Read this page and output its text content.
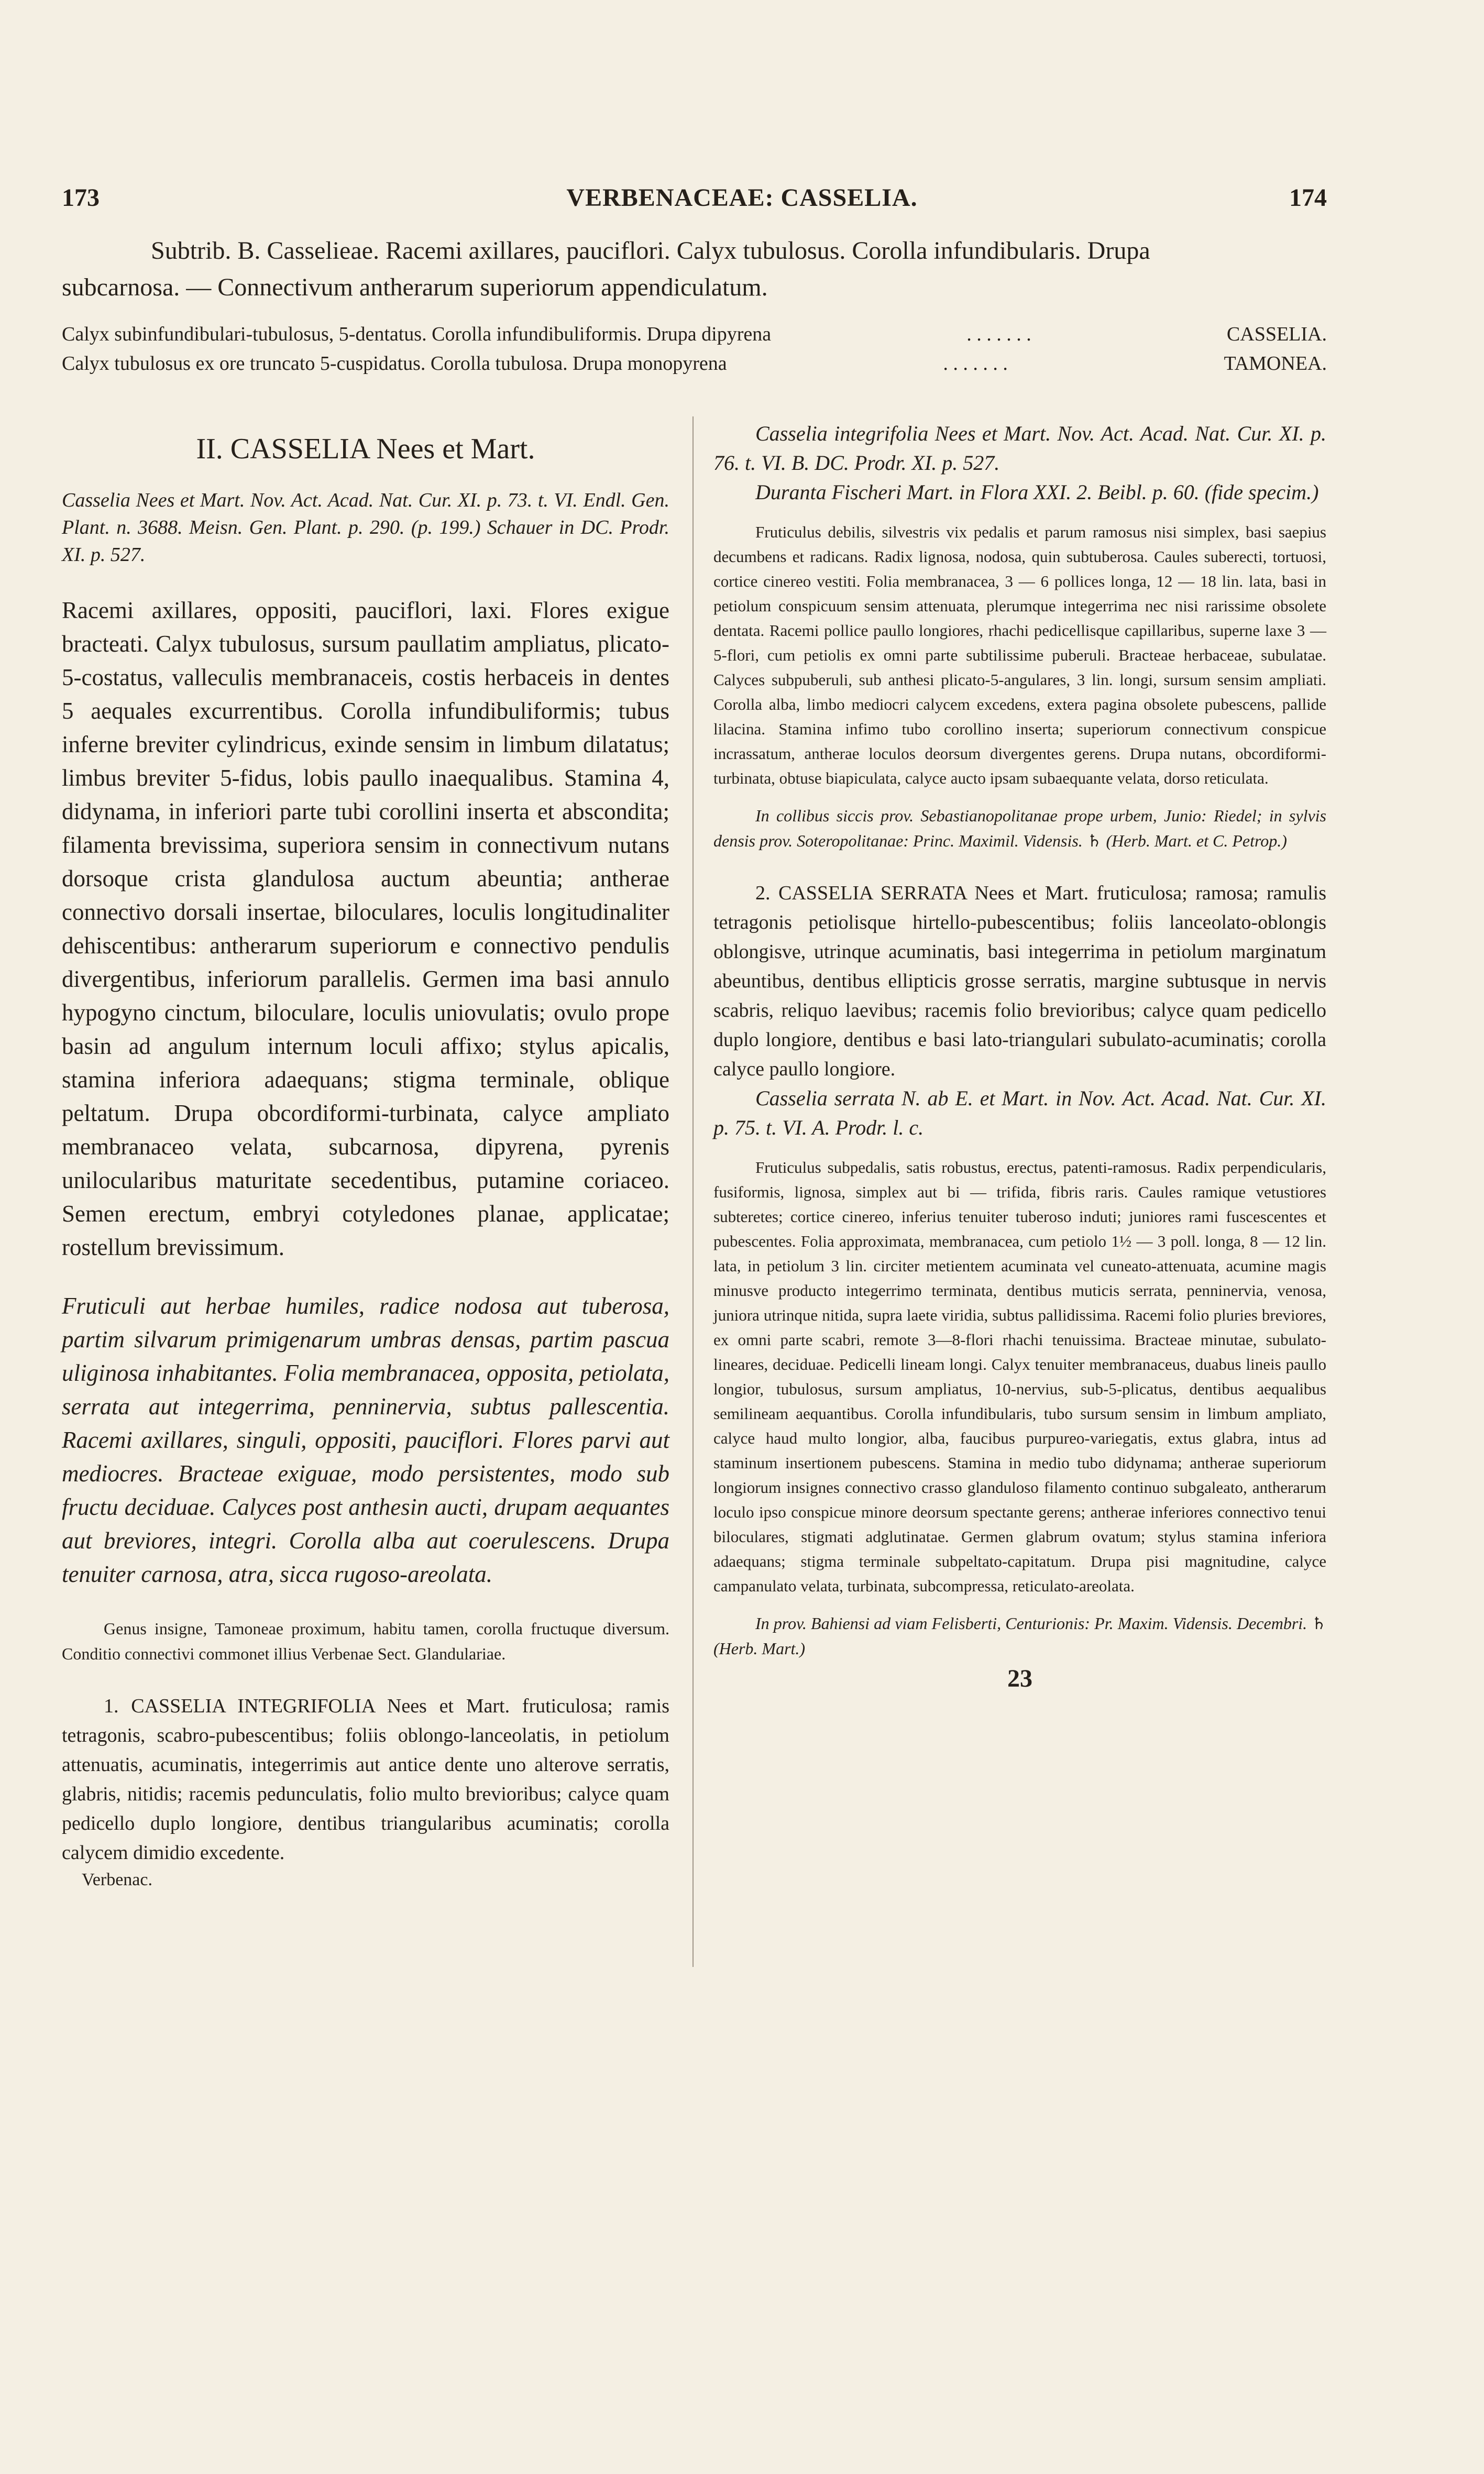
173	VERBENACEAE: CASSELIA.	174
Subtrib. B. Casselieae. Racemi axillares, pauciflori. Calyx tubulosus. Corolla infundibularis. Drupa
subcarnosa. — Connectivum antherarum superiorum appendiculatum.
Calyx subinfundibulari-tubulosus, 5-dentatus. Corolla infundibuliformis. Drupa dipyrena	. . . . . . .	CASSELIA.
Calyx tubulosus ex ore truncato 5-cuspidatus. Corolla tubulosa. Drupa monopyrena	. . . . . . .	TAMONEA.
II. CASSELIA Nees et Mart.
Casselia Nees et Mart. Nov. Act. Acad. Nat. Cur. XI. p. 73. t. VI. Endl. Gen. Plant. n. 3688. Meisn. Gen. Plant. p. 290. (p. 199.) Schauer in DC. Prodr. XI. p. 527.
Racemi axillares, oppositi, pauciflori, laxi. Flores exigue bracteati. Calyx tubulosus, sursum paullatim ampliatus, plicato-5-costatus, valleculis membranaceis, costis herbaceis in dentes 5 aequales excurrentibus. Corolla infundibuliformis; tubus inferne breviter cylindricus, exinde sensim in limbum dilatatus; limbus breviter 5-fidus, lobis paullo inaequalibus. Stamina 4, didynama, in inferiori parte tubi corollini inserta et abscondita; filamenta brevissima, superiora sensim in connectivum nutans dorsoque crista glandulosa auctum abeuntia; antherae connectivo dorsali insertae, biloculares, loculis longitudinaliter dehiscentibus: antherarum superiorum e connectivo pendulis divergentibus, inferiorum parallelis. Germen ima basi annulo hypogyno cinctum, biloculare, loculis uniovulatis; ovulo prope basin ad angulum internum loculi affixo; stylus apicalis, stamina inferiora adaequans; stigma terminale, oblique peltatum. Drupa obcordiformi-turbinata, calyce ampliato membranaceo velata, subcarnosa, dipyrena, pyrenis unilocularibus maturitate secedentibus, putamine coriaceo. Semen erectum, embryi cotyledones planae, applicatae; rostellum brevissimum.
Fruticuli aut herbae humiles, radice nodosa aut tuberosa, partim silvarum primigenarum umbras densas, partim pascua uliginosa inhabitantes. Folia membranacea, opposita, petiolata, serrata aut integerrima, penninervia, subtus pallescentia. Racemi axillares, singuli, oppositi, pauciflori. Flores parvi aut mediocres. Bracteae exiguae, modo persistentes, modo sub fructu deciduae. Calyces post anthesin aucti, drupam aequantes aut breviores, integri. Corolla alba aut coerulescens. Drupa tenuiter carnosa, atra, sicca rugoso-areolata.
Genus insigne, Tamoneae proximum, habitu tamen, corolla fructuque diversum. Conditio connectivi commonet illius Verbenae Sect. Glandulariae.
1. CASSELIA INTEGRIFOLIA Nees et Mart. fruticulosa; ramis tetragonis, scabro-pubescentibus; foliis oblongo-lanceolatis, in petiolum attenuatis, acuminatis, integerrimis aut antice dente uno alterove serratis, glabris, nitidis; racemis pedunculatis, folio multo brevioribus; calyce quam pedicello duplo longiore, dentibus triangularibus acuminatis; corolla calycem dimidio excedente.
Verbenac.
Casselia integrifolia Nees et Mart. Nov. Act. Acad. Nat. Cur. XI. p. 76. t. VI. B. DC. Prodr. XI. p. 527.
Duranta Fischeri Mart. in Flora XXI. 2. Beibl. p. 60. (fide specim.)
Fruticulus debilis, silvestris vix pedalis et parum ramosus nisi simplex, basi saepius decumbens et radicans. Radix lignosa, nodosa, quin subtuberosa. Caules suberecti, tortuosi, cortice cinereo vestiti. Folia membranacea, 3 — 6 pollices longa, 12 — 18 lin. lata, basi in petiolum conspicuum sensim attenuata, plerumque integerrima nec nisi rarissime obsolete dentata. Racemi pollice paullo longiores, rhachi pedicellisque capillaribus, superne laxe 3 — 5-flori, cum petiolis ex omni parte subtilissime puberuli. Bracteae herbaceae, subulatae. Calyces subpuberuli, sub anthesi plicato-5-angulares, 3 lin. longi, sursum sensim ampliati. Corolla alba, limbo mediocri calycem excedens, extera pagina obsolete pubescens, pallide lilacina. Stamina infimo tubo corollino inserta; superiorum connectivum conspicue incrassatum, antherae loculos deorsum divergentes gerens. Drupa nutans, obcordiformi-turbinata, obtuse biapiculata, calyce aucto ipsam subaequante velata, dorso reticulata.
In collibus siccis prov. Sebastianopolitanae prope urbem, Junio: Riedel; in sylvis densis prov. Soteropolitanae: Princ. Maximil. Vidensis. ♄ (Herb. Mart. et C. Petrop.)
2. CASSELIA SERRATA Nees et Mart. fruticulosa; ramosa; ramulis tetragonis petiolisque hirtello-pubescentibus; foliis lanceolato-oblongis oblongisve, utrinque acuminatis, basi integerrima in petiolum marginatum abeuntibus, dentibus ellipticis grosse serratis, margine subtusque in nervis scabris, reliquo laevibus; racemis folio brevioribus; calyce quam pedicello duplo longiore, dentibus e basi lato-triangulari subulato-acuminatis; corolla calyce paullo longiore.
Casselia serrata N. ab E. et Mart. in Nov. Act. Acad. Nat. Cur. XI. p. 75. t. VI. A. Prodr. l. c.
Fruticulus subpedalis, satis robustus, erectus, patenti-ramosus. Radix perpendicularis, fusiformis, lignosa, simplex aut bi — trifida, fibris raris. Caules ramique vetustiores subteretes; cortice cinereo, inferius tenuiter tuberoso induti; juniores rami fuscescentes et pubescentes. Folia approximata, membranacea, cum petiolo 1½ — 3 poll. longa, 8 — 12 lin. lata, in petiolum 3 lin. circiter metientem acuminata vel cuneato-attenuata, acumine magis minusve producto integerrimo terminata, dentibus muticis serrata, penninervia, venosa, juniora utrinque nitida, supra laete viridia, subtus pallidissima. Racemi folio pluries breviores, ex omni parte scabri, remote 3—8-flori rhachi tenuissima. Bracteae minutae, subulato-lineares, deciduae. Pedicelli lineam longi. Calyx tenuiter membranaceus, duabus lineis paullo longior, tubulosus, sursum ampliatus, 10-nervius, sub-5-plicatus, dentibus aequalibus semilineam aequantibus. Corolla infundibularis, tubo sursum sensim in limbum ampliato, calyce haud multo longior, alba, faucibus purpureo-variegatis, extus glabra, intus ad staminum insertionem pubescens. Stamina in medio tubo didynama; antherae superiorum longiorum insignes connectivo crasso glanduloso filamento continuo subgaleato, antherarum loculo ipso conspicue minore deorsum spectante gerens; antherae inferiores connectivo tenui biloculares, stigmati adglutinatae. Germen glabrum ovatum; stylus stamina inferiora adaequans; stigma terminale subpeltato-capitatum. Drupa pisi magnitudine, calyce campanulato velata, turbinata, subcompressa, reticulato-areolata.
In prov. Bahiensi ad viam Felisberti, Centurionis: Pr. Maxim. Vidensis. Decembri. ♄ (Herb. Mart.)
23
